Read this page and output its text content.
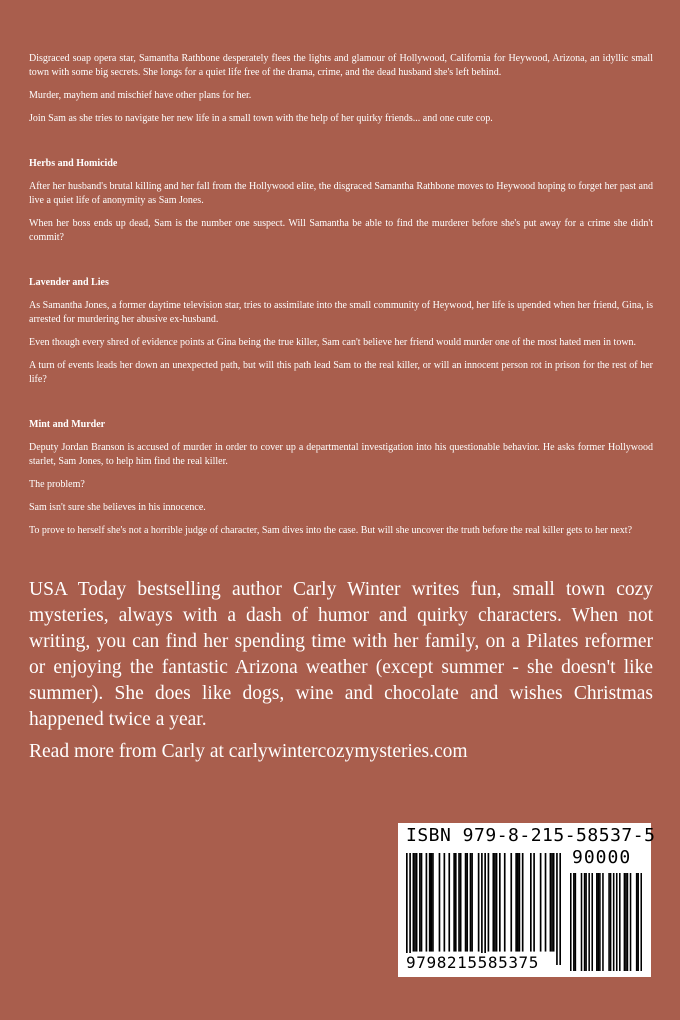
Disgraced soap opera star, Samantha Rathbone desperately flees the lights and glamour of Hollywood, California for Heywood, Arizona, an idyllic small town with some big secrets. She longs for a quiet life free of the drama, crime, and the dead husband she's left behind.

Murder, mayhem and mischief have other plans for her.

Join Sam as she tries to navigate her new life in a small town with the help of her quirky friends... and one cute cop.

Herbs and Homicide

After her husband's brutal killing and her fall from the Hollywood elite, the disgraced Samantha Rathbone moves to Heywood hoping to forget her past and live a quiet life of anonymity as Sam Jones.

When her boss ends up dead, Sam is the number one suspect. Will Samantha be able to find the murderer before she's put away for a crime she didn't commit?

Lavender and Lies

As Samantha Jones, a former daytime television star, tries to assimilate into the small community of Heywood, her life is upended when her friend, Gina, is arrested for murdering her abusive ex-husband.

Even though every shred of evidence points at Gina being the true killer, Sam can't believe her friend would murder one of the most hated men in town.

A turn of events leads her down an unexpected path, but will this path lead Sam to the real killer, or will an innocent person rot in prison for the rest of her life?

Mint and Murder

Deputy Jordan Branson is accused of murder in order to cover up a departmental investigation into his questionable behavior. He asks former Hollywood starlet, Sam Jones, to help him find the real killer.

The problem?

Sam isn't sure she believes in his innocence.

To prove to herself she's not a horrible judge of character, Sam dives into the case. But will she uncover the truth before the real killer gets to her next?

USA Today bestselling author Carly Winter writes fun, small town cozy mysteries, always with a dash of humor and quirky characters. When not writing, you can find her spending time with her family, on a Pilates reformer or enjoying the fantastic Arizona weather (except summer - she doesn't like summer). She does like dogs, wine and chocolate and wishes Christmas happened twice a year.

Read more from Carly at carlywintercozymysteries.com

ISBN 979-8-215-58537-5
90000
9798215585375
